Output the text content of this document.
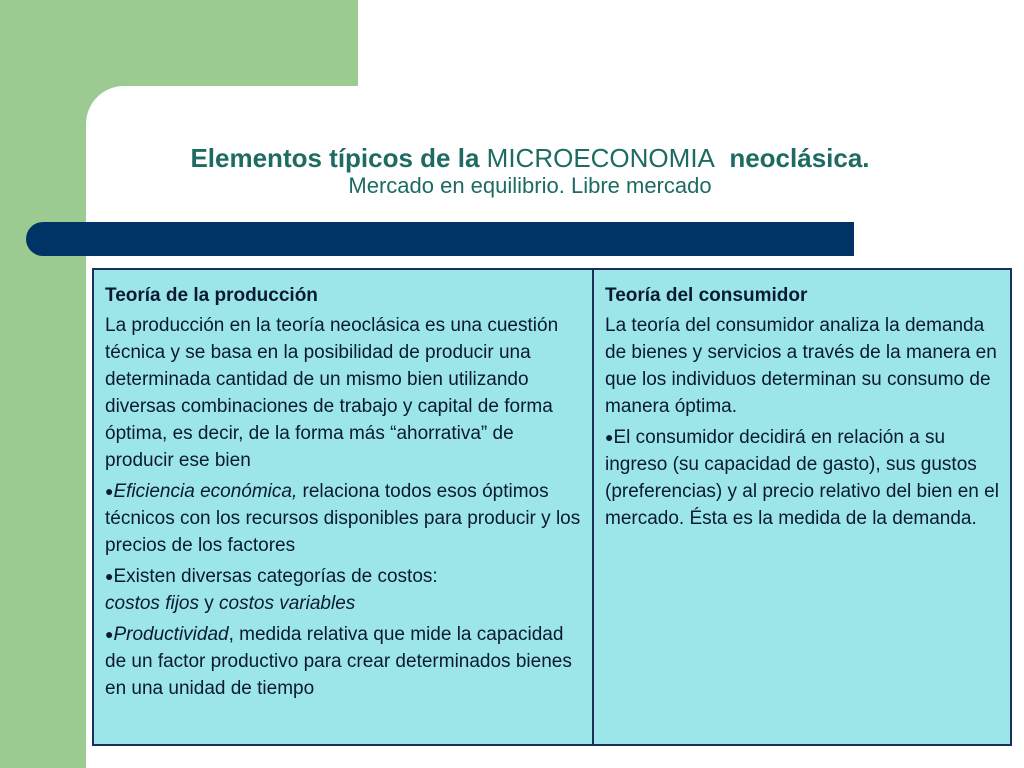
Elementos típicos de la MICROECONOMIA  neoclásica.
Mercado en equilibrio. Libre mercado
Teoría de la producción
La producción en la teoría neoclásica es una cuestión técnica y se basa en la posibilidad de producir una determinada cantidad de un mismo bien utilizando diversas combinaciones de trabajo y capital de forma óptima, es decir, de la forma más “ahorrativa” de producir ese bien
●Eficiencia económica, relaciona todos esos óptimos técnicos con los recursos disponibles para producir y los precios de los factores
●Existen diversas categorías de costos:
costos fijos y costos variables
●Productividad, medida relativa que mide la capacidad de un factor productivo para crear determinados bienes en una unidad de tiempo

Teoría del consumidor
La teoría del consumidor analiza la demanda de bienes y servicios a través de la manera en que los individuos determinan su consumo de manera óptima.
●El consumidor decidirá en relación a su ingreso (su capacidad de gasto), sus gustos (preferencias) y al precio relativo del bien en el mercado. Ésta es la medida de la demanda.
